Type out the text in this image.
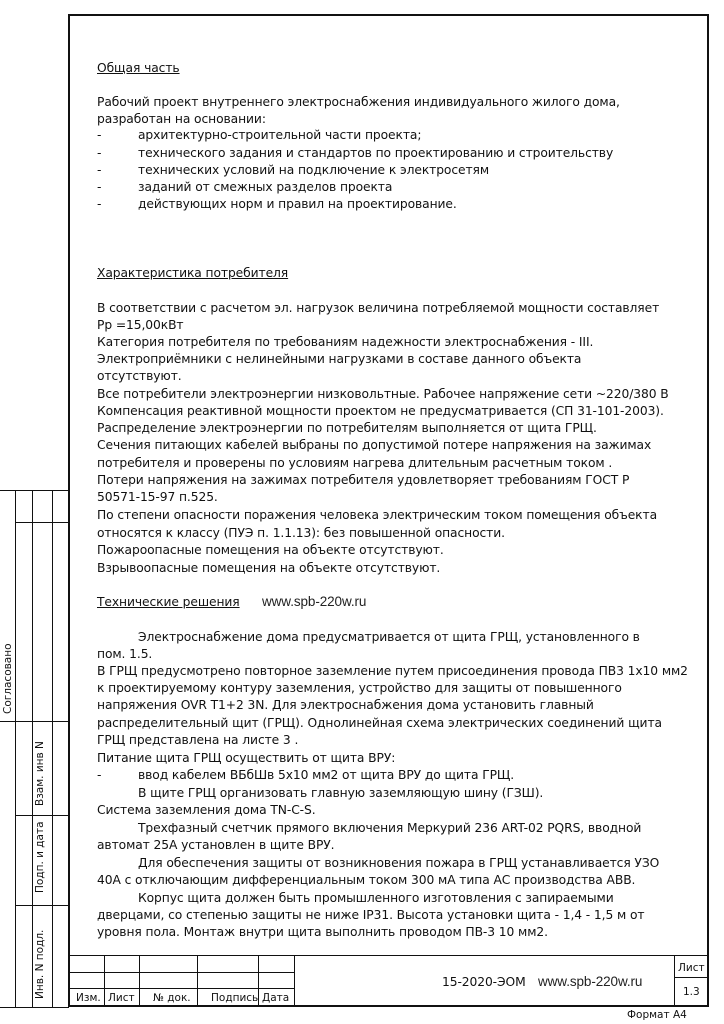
Общая часть
Рабочий проект внутреннего электроснабжения индивидуального жилого дома,
разработан на основании:
-	архитектурно-строительной части проекта;
-	технического задания и стандартов по проектированию и строительству
-	технических условий на подключение к электросетям
-	заданий от смежных разделов проекта
-	действующих норм и правил на проектирование.
Характеристика потребителя
В соответствии с расчетом эл. нагрузок величина потребляемой мощности составляет
Рр =15,00кВт
Категория потребителя по требованиям надежности электроснабжения - III.
Электроприёмники с нелинейными нагрузками в составе данного объекта
отсутствуют.
Все потребители электроэнергии низковольтные. Рабочее напряжение сети ~220/380 В
Компенсация реактивной мощности проектом не предусматривается (СП 31-101-2003).
Распределение электроэнергии по потребителям выполняется от щита ГРЩ.
Сечения питающих кабелей выбраны по допустимой потере напряжения на зажимах
потребителя и проверены по условиям нагрева длительным расчетным током .
Потери напряжения на зажимах потребителя удовлетворяет требованиям ГОСТ Р
50571-15-97 п.525.
По степени опасности поражения человека электрическим током помещения объекта
относятся к классу (ПУЭ п. 1.1.13): без повышенной опасности.
Пожароопасные помещения на объекте отсутствуют.
Взрывоопасные помещения на объекте отсутствуют.
Технические решения www.spb-220w.ru
Электроснабжение дома предусматривается от щита ГРЩ, установленного в
пом. 1.5.
В ГРЩ предусмотрено повторное заземление путем присоединения провода ПВ3 1х10 мм2
к проектируемому контуру заземления, устройство для защиты от повышенного
напряжения OVR T1+2 3N. Для электроснабжения дома установить главный
распределительный щит (ГРЩ). Однолинейная схема электрических соединений щита
ГРЩ представлена на листе 3 .
Питание щита ГРЩ осуществить от щита ВРУ:
-	ввод кабелем ВБбШв 5х10 мм2 от щита ВРУ до щита ГРЩ.
В щите ГРЩ организовать главную заземляющую шину (ГЗШ).
Система заземления дома TN-C-S.
Трехфазный счетчик прямого включения Меркурий 236 ART-02 PQRS, вводной
автомат 25А установлен в щите ВРУ.
Для обеспечения защиты от возникновения пожара в ГРЩ устанавливается УЗО
40А с отключающим дифференциальным током 300 мА типа АС производства ABB.
Корпус щита должен быть промышленного изготовления с запираемыми
дверцами, со степенью защиты не ниже IP31. Высота установки щита - 1,4 - 1,5 м от
уровня пола. Монтаж внутри щита выполнить проводом ПВ-3 10 мм2.
Согласовано
Взам. инв N
Подп. и дата
Инв. N подл.	Изм. Лист № док. Подпись Дата
15-2020-ЭОМ www.spb-220w.ru
Лист
1.3
Формат А4
